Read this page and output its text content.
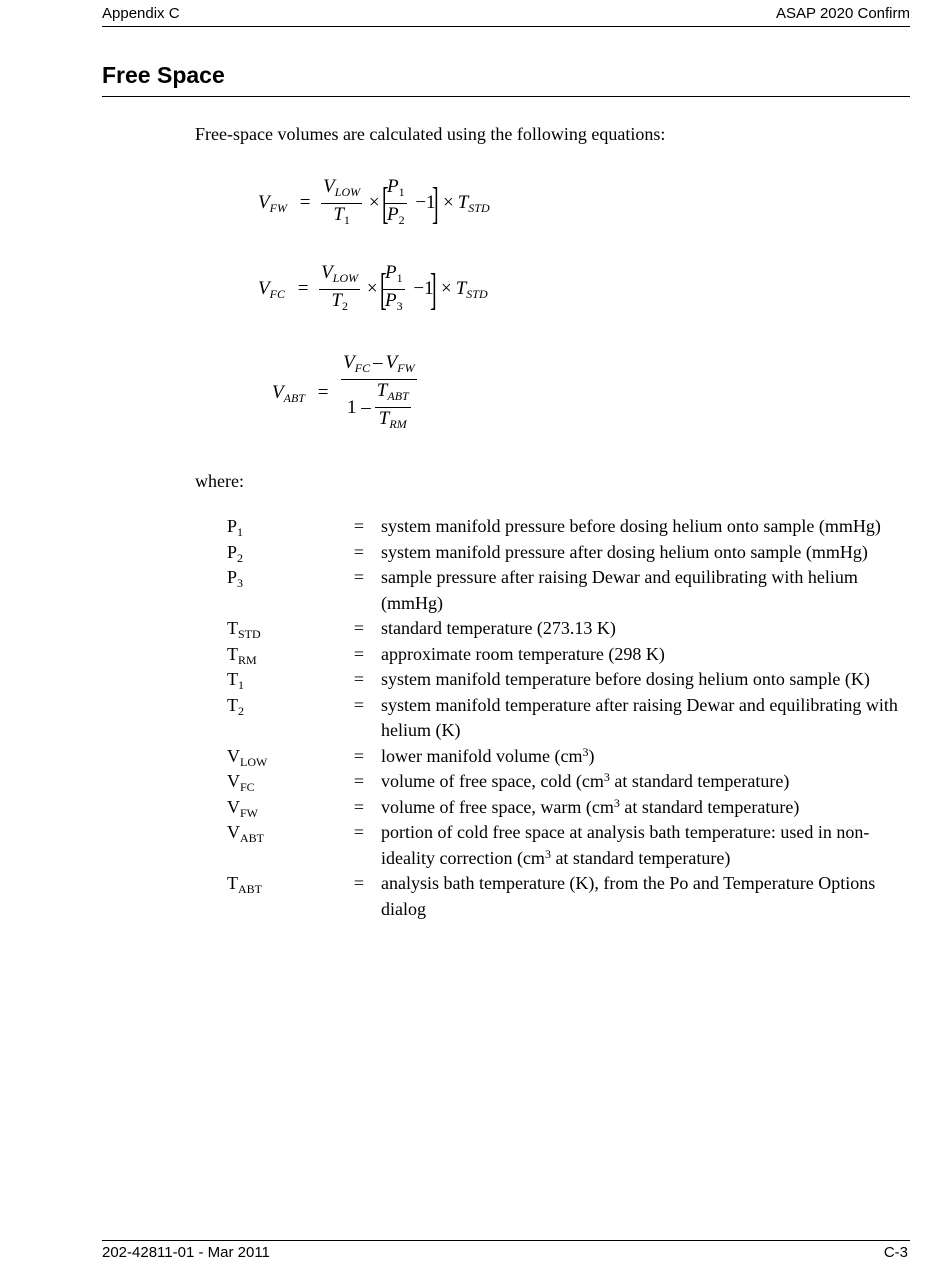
Appendix C	ASAP 2020 Confirm
Free Space
Free-space volumes are calculated using the following equations:
$V_{FW} = \frac{V_{LOW}}{T_1}$ × [
$\frac{P_1}{P_2} -1] \times T_{STD}$
$V_{FC} = \frac{V_{LOW}}{T_2}$ × [
$\frac{P_1}{P_3} -1] \times T_{STD}$
$V_{ABT} = \frac{V_{FC} - V_{FW}}{1 - \frac{T_{ABT}}{T_{RM}}}$
where:
$P_1$	= system manifold pressure before dosing helium onto sample (mmHg)
$P_2$	= system manifold pressure after dosing helium onto sample (mmHg)
$P_3$	= sample pressure after raising Dewar and equilibrating with helium (mmHg)
$T_{STD}$	= standard temperature (273.13 K)
$T_{RM}$	= approximate room temperature (298 K)
$T_1$	= system manifold temperature before dosing helium onto sample (K)
$T_2$	= system manifold temperature after raising Dewar and equilibrating with helium (K)
$V_{LOW}$	= lower manifold volume $(cm^3)$
$V_{FC}$	= volume of free space, cold ($cm^3$ at standard temperature)
$V_{FW}$	= volume of free space, warm ($cm^3$ at standard temperature)
$V_{ABT}$	= portion of cold free space at analysis bath temperature: used in non-ideality correction ($cm^3$ at standard temperature)
$T_{ABT}$	= analysis bath temperature (K), from the Po and Temperature Options dialog
202-42811-01 - Mar 2011	C-3
